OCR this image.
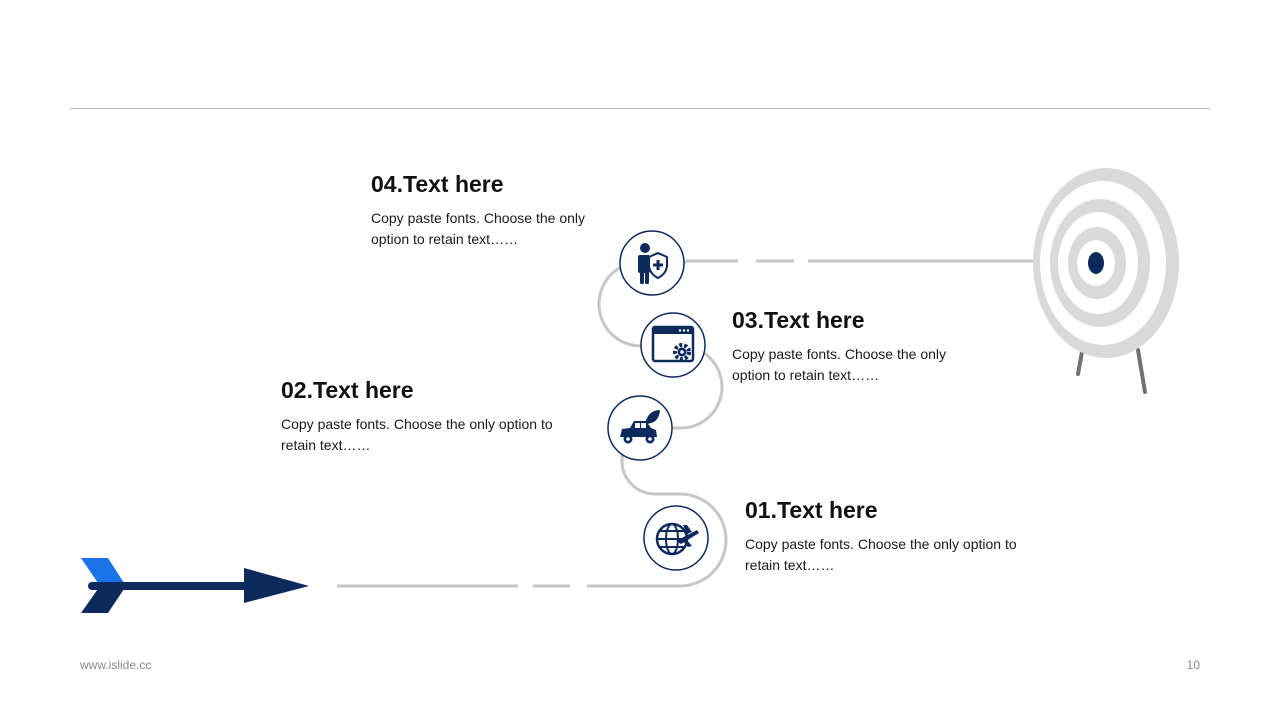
04.Text here

Copy paste fonts. Choose the only option to retain text……

03.Text here

Copy paste fonts. Choose the only option to retain text……

02.Text here

Copy paste fonts. Choose the only option to retain text……

01.Text here

Copy paste fonts. Choose the only option to retain text……

www.islide.cc	10
